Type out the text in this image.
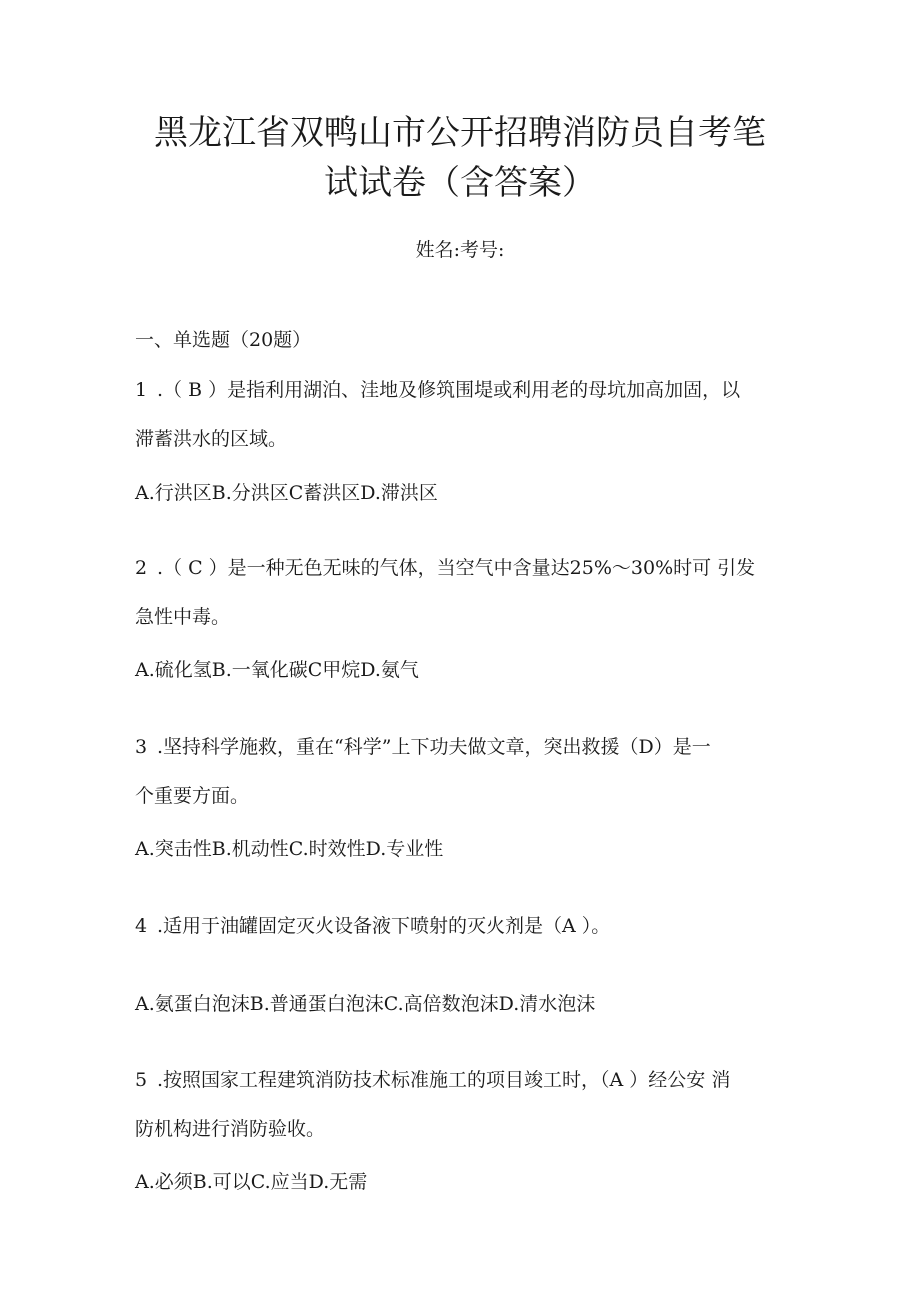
黑龙江省双鸭山市公开招聘消防员自考笔
试试卷（含答案）
姓名:考号:
一、单选题（20题）
1 .（ B ）是指利用湖泊、洼地及修筑围堤或利用老的母坑加高加固，以
滞蓄洪水的区域。
A.行洪区B.分洪区C蓄洪区D.滞洪区
2 .（ C ）是一种无色无味的气体，当空气中含量达25%～30%时可 引发
急性中毒。
A.硫化氢B.一氧化碳C甲烷D.氨气
3 .坚持科学施救，重在“科学”上下功夫做文章，突出救援（D）是一
个重要方面。
A.突击性B.机动性C.时效性D.专业性
4 .适用于油罐固定灭火设备液下喷射的灭火剂是（A ）。
A.氨蛋白泡沫B.普通蛋白泡沫C.高倍数泡沫D.清水泡沫
5 .按照国家工程建筑消防技术标准施工的项目竣工时，（A ）经公安 消
防机构进行消防验收。
A.必须B.可以C.应当D.无需
